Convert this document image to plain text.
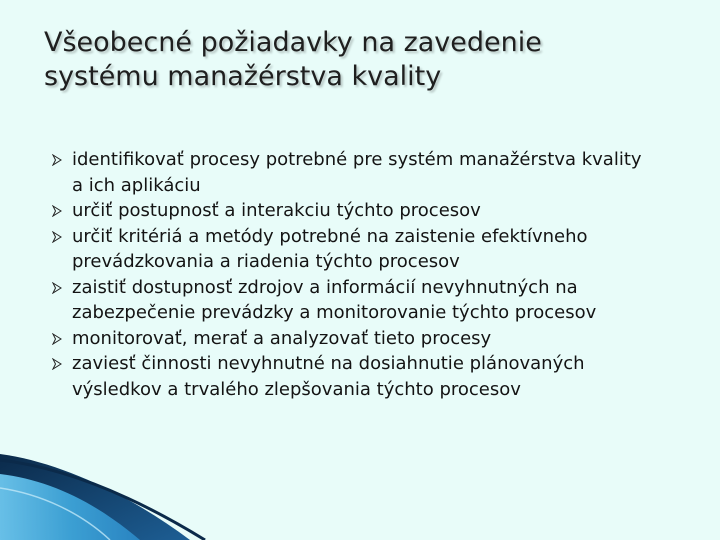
Všeobecné požiadavky na zavedenie
systému manažérstva kvality
identifikovať procesy potrebné pre systém manažérstva kvality a ich aplikáciu
určiť postupnosť a interakciu týchto procesov
určiť kritériá a metódy potrebné na zaistenie efektívneho prevádzkovania a riadenia týchto procesov
zaistiť dostupnosť zdrojov a informácií nevyhnutných na zabezpečenie prevádzky a monitorovanie týchto procesov
monitorovať, merať a analyzovať tieto procesy
zaviesť činnosti nevyhnutné na dosiahnutie plánovaných výsledkov a trvalého zlepšovania týchto procesov
